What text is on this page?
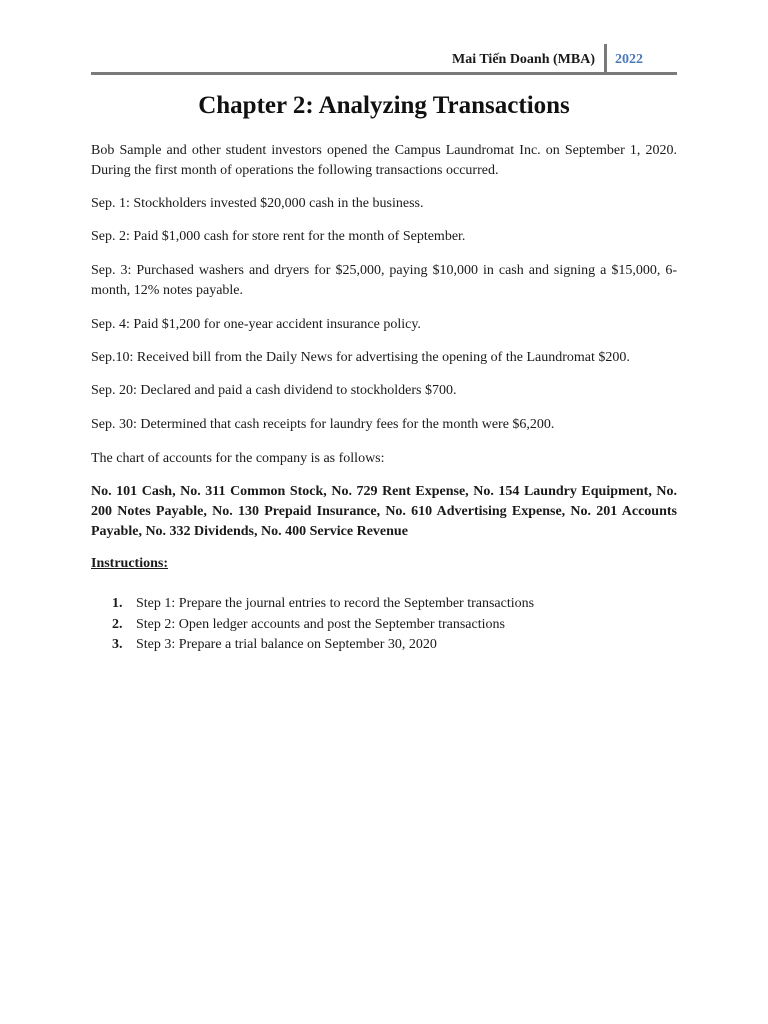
Mai Tiến Doanh (MBA) 2022
Chapter 2: Analyzing Transactions

Bob Sample and other student investors opened the Campus Laundromat Inc. on September 1, 2020. During the first month of operations the following transactions occurred.

Sep. 1: Stockholders invested $20,000 cash in the business.

Sep. 2: Paid $1,000 cash for store rent for the month of September.

Sep. 3: Purchased washers and dryers for $25,000, paying $10,000 in cash and signing a $15,000, 6-month, 12% notes payable.

Sep. 4: Paid $1,200 for one-year accident insurance policy.

Sep.10: Received bill from the Daily News for advertising the opening of the Laundromat $200.

Sep. 20: Declared and paid a cash dividend to stockholders $700.

Sep. 30: Determined that cash receipts for laundry fees for the month were $6,200.

The chart of accounts for the company is as follows:

No. 101 Cash, No. 311 Common Stock, No. 729 Rent Expense, No. 154 Laundry Equipment, No. 200 Notes Payable, No. 130 Prepaid Insurance, No. 610 Advertising Expense, No. 201 Accounts Payable, No. 332 Dividends, No. 400 Service Revenue

Instructions:

1. Step 1: Prepare the journal entries to record the September transactions
2. Step 2: Open ledger accounts and post the September transactions
3. Step 3: Prepare a trial balance on September 30, 2020
